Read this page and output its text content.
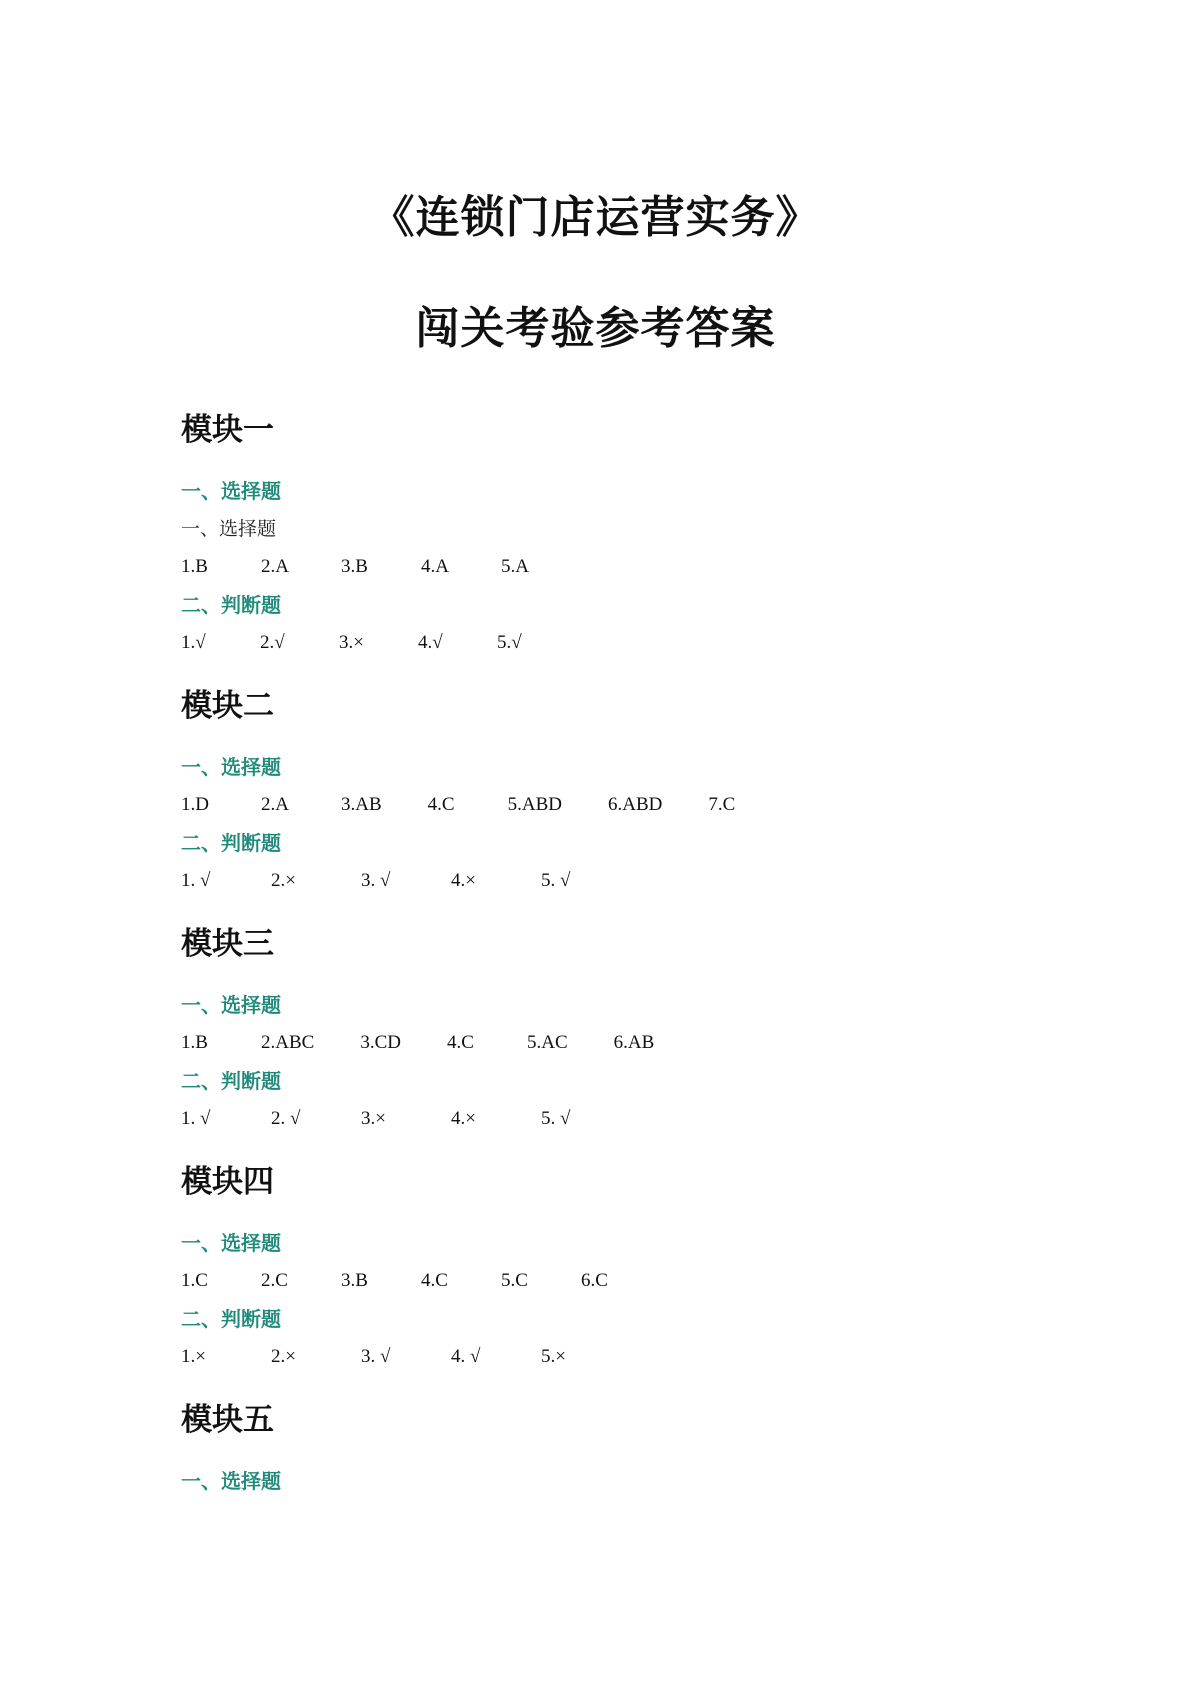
《连锁门店运营实务》
闯关考验参考答案
模块一
一、选择题
一、选择题
1.B	2.A	3.B	4.A	5.A
二、判断题
1.√	2.√	3.×	4.√	5.√
模块二
一、选择题
1.D	2.A	3.AB	4.C	5.ABD	6.ABD	7.C
二、判断题
1. √	2.×	3. √	4.×	5. √
模块三
一、选择题
1.B	2.ABC	3.CD	4.C	5.AC	6.AB
二、判断题
1. √	2. √	3.×	4.×	5. √
模块四
一、选择题
1.C	2.C	3.B	4.C	5.C	6.C
二、判断题
1.×	2.×	3. √	4. √	5.×
模块五
一、选择题
